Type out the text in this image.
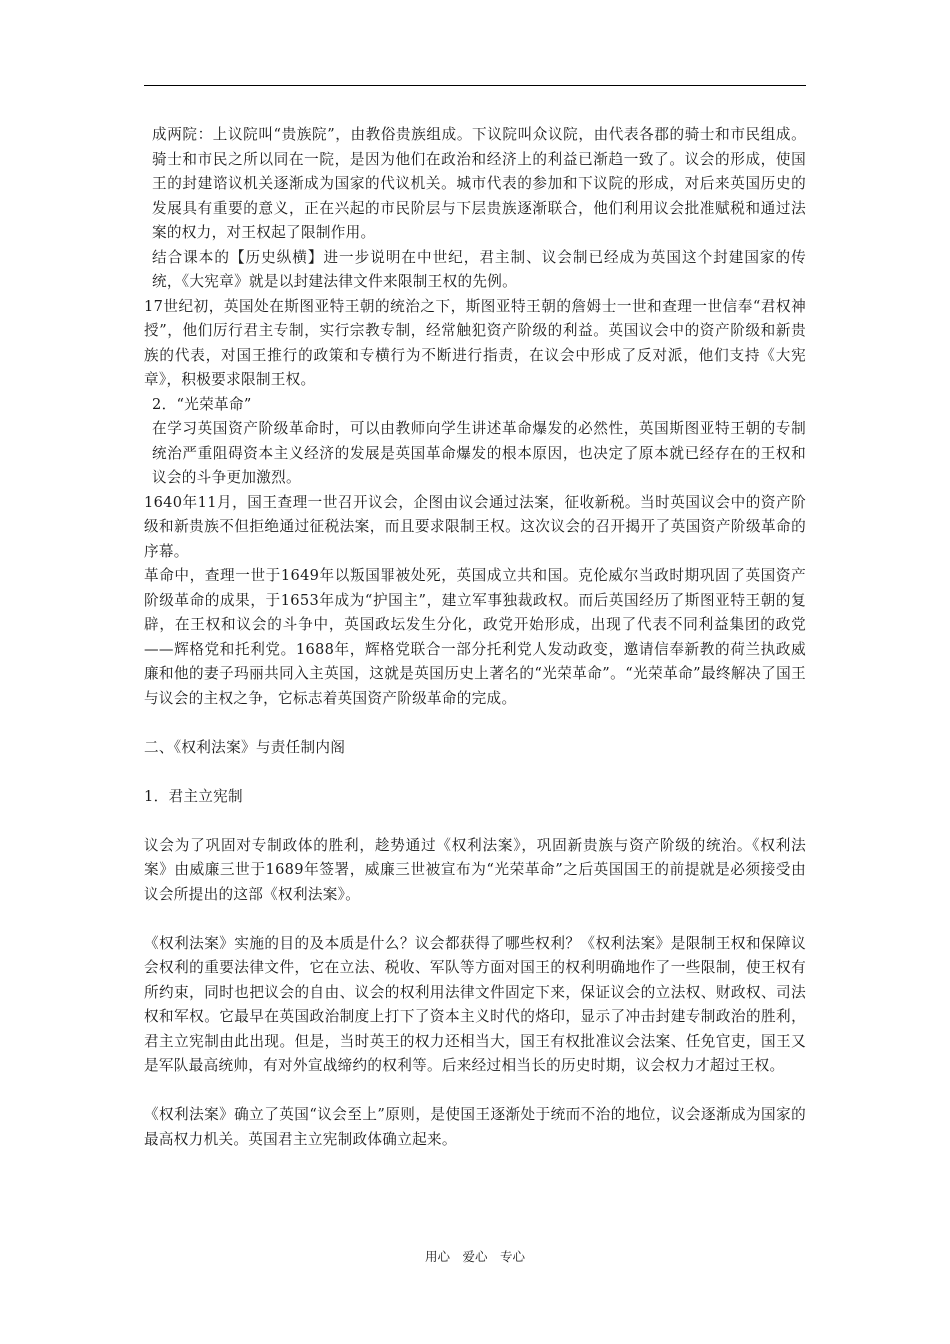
成两院：上议院叫“贵族院”，由教俗贵族组成。下议院叫众议院，由代表各郡的骑士和市民组成。骑士和市民之所以同在一院，是因为他们在政治和经济上的利益已渐趋一致了。议会的形成，使国王的封建谘议机关逐渐成为国家的代议机关。城市代表的参加和下议院的形成，对后来英国历史的发展具有重要的意义，正在兴起的市民阶层与下层贵族逐渐联合，他们利用议会批准赋税和通过法案的权力，对王权起了限制作用。

结合课本的【历史纵横】进一步说明在中世纪，君主制、议会制已经成为英国这个封建国家的传统，《大宪章》就是以封建法律文件来限制王权的先例。

17世纪初，英国处在斯图亚特王朝的统治之下，斯图亚特王朝的詹姆士一世和查理一世信奉“君权神授”，他们厉行君主专制，实行宗教专制，经常触犯资产阶级的利益。英国议会中的资产阶级和新贵族的代表，对国王推行的政策和专横行为不断进行指责，在议会中形成了反对派，他们支持《大宪章》，积极要求限制王权。

2．“光荣革命”

在学习英国资产阶级革命时，可以由教师向学生讲述革命爆发的必然性，英国斯图亚特王朝的专制统治严重阻碍资本主义经济的发展是英国革命爆发的根本原因，也决定了原本就已经存在的王权和议会的斗争更加激烈。

1640年11月，国王查理一世召开议会，企图由议会通过法案，征收新税。当时英国议会中的资产阶级和新贵族不但拒绝通过征税法案，而且要求限制王权。这次议会的召开揭开了英国资产阶级革命的序幕。

革命中，查理一世于1649年以叛国罪被处死，英国成立共和国。克伦威尔当政时期巩固了英国资产阶级革命的成果，于1653年成为“护国主”，建立军事独裁政权。而后英国经历了斯图亚特王朝的复辟，在王权和议会的斗争中，英国政坛发生分化，政党开始形成，出现了代表不同利益集团的政党——辉格党和托利党。1688年，辉格党联合一部分托利党人发动政变，邀请信奉新教的荷兰执政威廉和他的妻子玛丽共同入主英国，这就是英国历史上著名的“光荣革命”。“光荣革命”最终解决了国王与议会的主权之争，它标志着英国资产阶级革命的完成。

二、《权利法案》与责任制内阁

1．君主立宪制

议会为了巩固对专制政体的胜利，趁势通过《权利法案》，巩固新贵族与资产阶级的统治。《权利法案》由威廉三世于1689年签署，威廉三世被宣布为“光荣革命”之后英国国王的前提就是必须接受由议会所提出的这部《权利法案》。

《权利法案》实施的目的及本质是什么？议会都获得了哪些权利？《权利法案》是限制王权和保障议会权利的重要法律文件，它在立法、税收、军队等方面对国王的权利明确地作了一些限制，使王权有所约束，同时也把议会的自由、议会的权利用法律文件固定下来，保证议会的立法权、财政权、司法权和军权。它最早在英国政治制度上打下了资本主义时代的烙印，显示了冲击封建专制政治的胜利，君主立宪制由此出现。但是，当时英王的权力还相当大，国王有权批准议会法案、任免官吏，国王又是军队最高统帅，有对外宣战缔约的权利等。后来经过相当长的历史时期，议会权力才超过王权。

《权利法案》确立了英国“议会至上”原则，是使国王逐渐处于统而不治的地位，议会逐渐成为国家的最高权力机关。英国君主立宪制政体确立起来。

用心　爱心　专心
